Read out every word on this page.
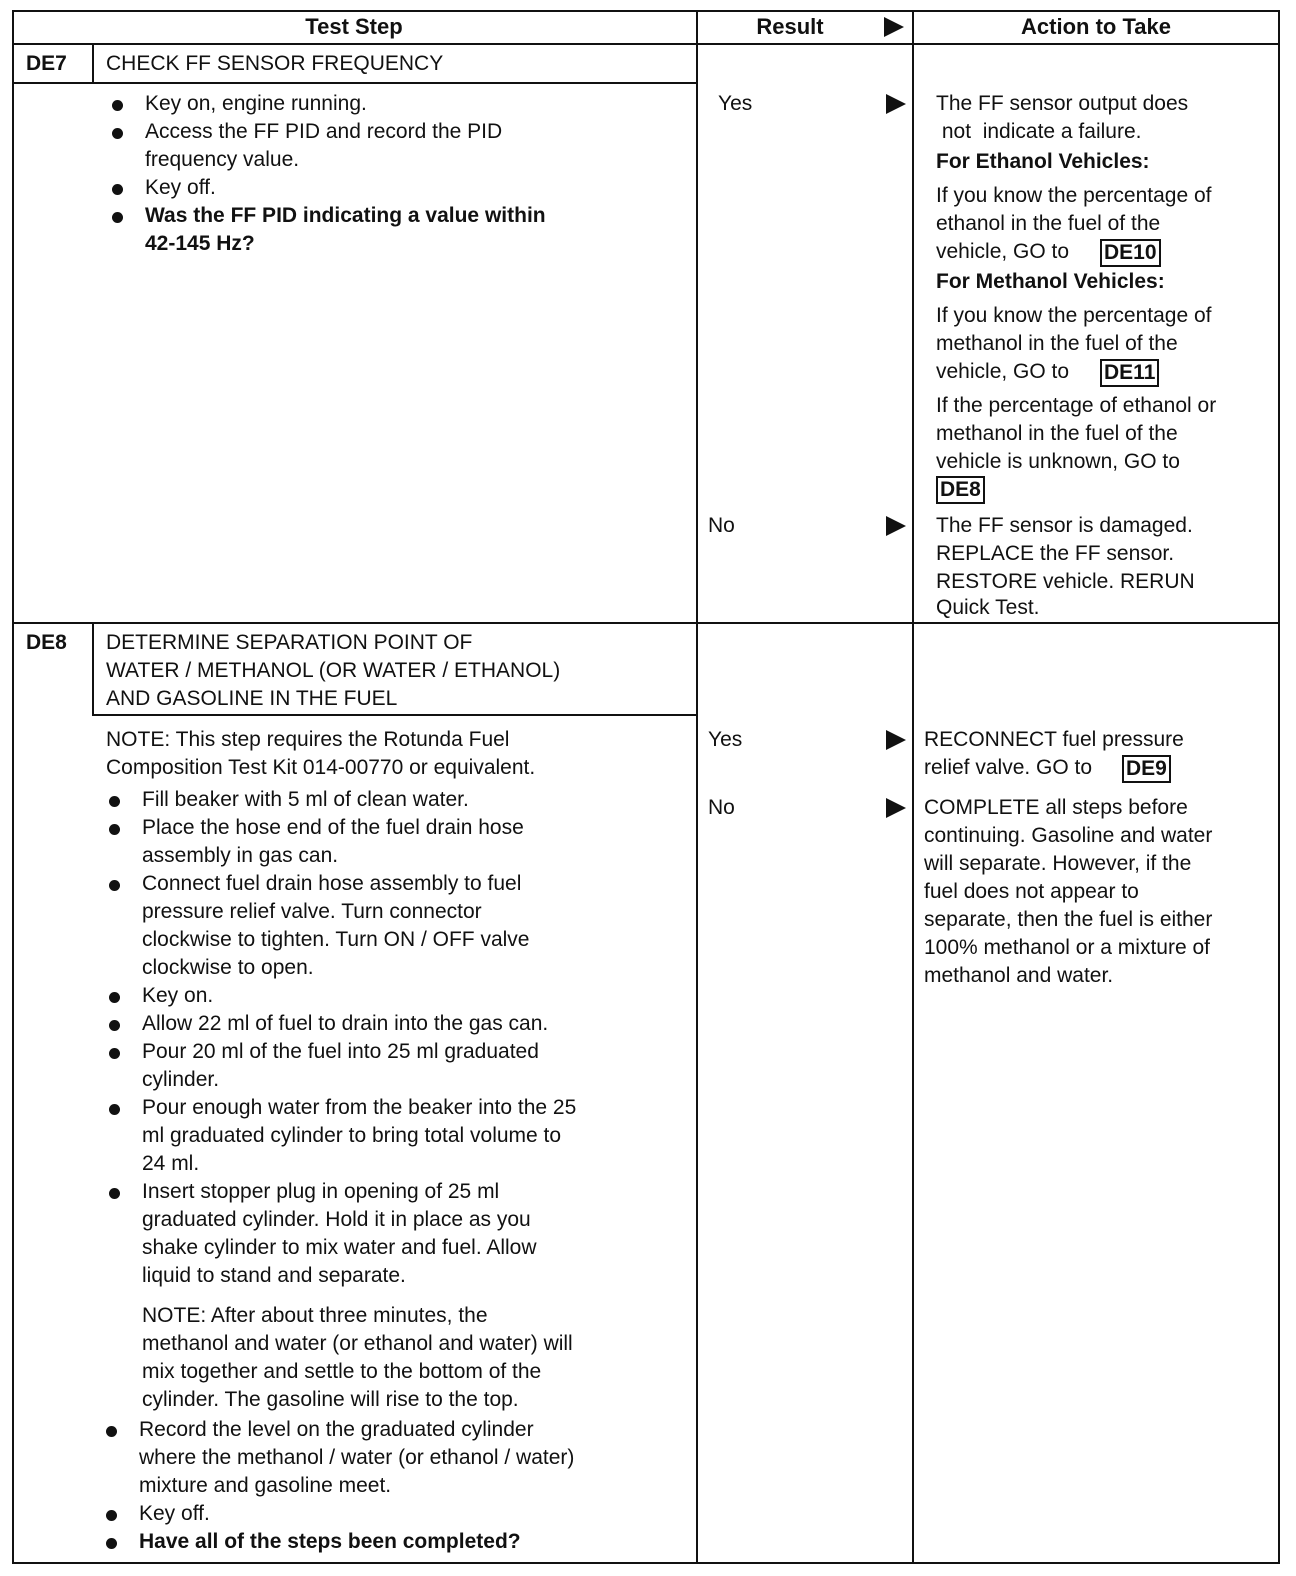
Test Step	Result	Action to Take
DE7 CHECK FF SENSOR FREQUENCY
Key on, engine running.
Access the FF PID and record the PID
frequency value.
Key off.
Was the FF PID indicating a value within
42-145 Hz?
Yes	The FF sensor output does
not  indicate a failure.
For Ethanol Vehicles:
If you know the percentage of
ethanol in the fuel of the
vehicle, GO to DE10
For Methanol Vehicles:
If you know the percentage of
methanol in the fuel of the
vehicle, GO to DE11
If the percentage of ethanol or
methanol in the fuel of the
vehicle is unknown, GO to
DE8
No	The FF sensor is damaged.
REPLACE the FF sensor.
RESTORE vehicle. RERUN
Quick Test.
DE8 DETERMINE SEPARATION POINT OF
WATER / METHANOL (OR WATER / ETHANOL)
AND GASOLINE IN THE FUEL
NOTE: This step requires the Rotunda Fuel
Composition Test Kit 014-00770 or equivalent.
Fill beaker with 5 ml of clean water.
Place the hose end of the fuel drain hose
assembly in gas can.
Connect fuel drain hose assembly to fuel
pressure relief valve. Turn connector
clockwise to tighten. Turn ON / OFF valve
clockwise to open.
Key on.
Allow 22 ml of fuel to drain into the gas can.
Pour 20 ml of the fuel into 25 ml graduated
cylinder.
Pour enough water from the beaker into the 25
ml graduated cylinder to bring total volume to
24 ml.
Insert stopper plug in opening of 25 ml
graduated cylinder. Hold it in place as you
shake cylinder to mix water and fuel. Allow
liquid to stand and separate.
NOTE: After about three minutes, the
methanol and water (or ethanol and water) will
mix together and settle to the bottom of the
cylinder. The gasoline will rise to the top.
Record the level on the graduated cylinder
where the methanol / water (or ethanol / water)
mixture and gasoline meet.
Key off.
Have all of the steps been completed?
Yes	RECONNECT fuel pressure
relief valve. GO to DE9
No	COMPLETE all steps before
continuing. Gasoline and water
will separate. However, if the
fuel does not appear to
separate, then the fuel is either
100% methanol or a mixture of
methanol and water.
